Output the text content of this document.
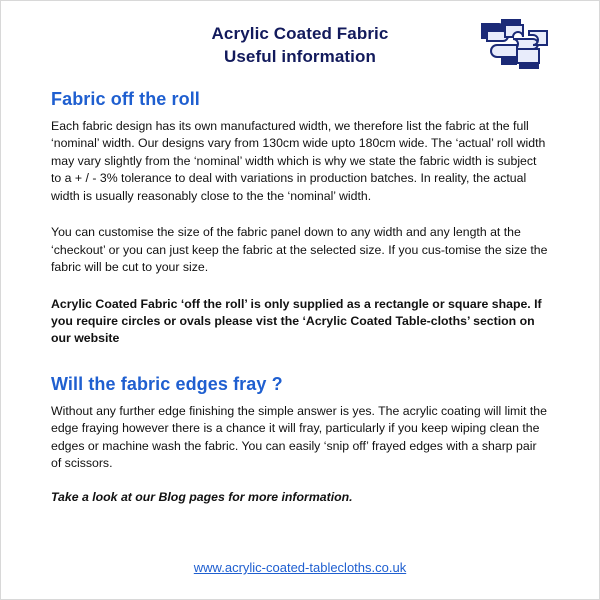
Acrylic Coated Fabric
Useful information
Fabric off the roll

Each fabric design has its own manufactured width, we therefore list the fabric at the full ‘nominal’ width. Our designs vary from 130cm wide upto 180cm wide. The ‘actual’ roll width may vary slightly from the ‘nominal’ width which is why we state the fabric width is subject to a + / - 3% tolerance to deal with variations in production batches. In reality, the actual width is usually reasonably close to the the ‘nominal’ width.

You can customise the size of the fabric panel down to any width and any length at the ‘checkout’ or you can just keep the fabric at the selected size. If you cus-tomise the size the fabric will be cut to your size.

Acrylic Coated Fabric ‘off the roll’ is only supplied as a rectangle or square shape. If you require circles or ovals please vist the ‘Acrylic Coated Table-cloths’ section on our website

Will the fabric edges fray ?

Without any further edge finishing the simple answer is yes. The acrylic coating will limit the edge fraying however there is a chance it will fray, particularly if you keep wiping clean the edges or machine wash the fabric. You can easily ‘snip off’ frayed edges with a sharp pair of scissors.

Take a look at our Blog pages for more information.

www.acrylic-coated-tablecloths.co.uk
